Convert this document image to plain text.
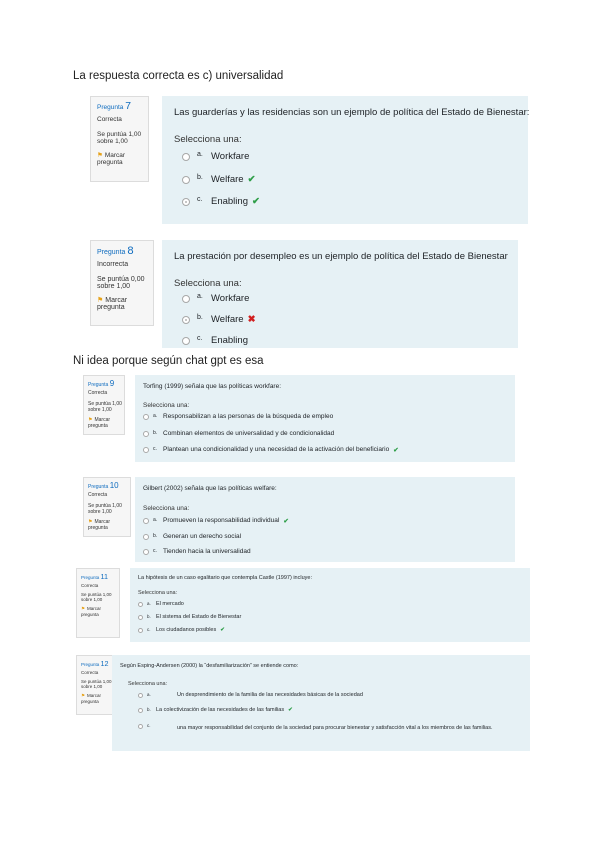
La respuesta correcta es c) universalidad
Pregunta 7
Correcta
Se puntúa 1,00 sobre 1,00
⚑ Marcar pregunta
Las guarderías y las residencias son un ejemplo de política del Estado de Bienestar:
Selecciona una:
a. Workfare
b. Welfare ✔
c. Enabling ✔
Pregunta 8
Incorrecta
Se puntúa 0,00 sobre 1,00
⚑ Marcar pregunta
La prestación por desempleo es un ejemplo de política del Estado de Bienestar
Selecciona una:
a. Workfare
b. Welfare ✖
c. Enabling
Ni idea porque según chat gpt es esa
Pregunta 9
Correcta
Se puntúa 1,00 sobre 1,00
⚑ Marcar pregunta
Torfing (1999) señala que las políticas workfare:
Selecciona una:
a. Responsabilizan a las personas de la búsqueda de empleo
b. Combinan elementos de universalidad y de condicionalidad
c. Plantean una condicionalidad y una necesidad de la activación del beneficiario ✔
Pregunta 10
Correcta
Se puntúa 1,00 sobre 1,00
⚑ Marcar pregunta
Gilbert (2002) señala que las políticas welfare:
Selecciona una:
a. Promueven la responsabilidad individual ✔
b. Generan un derecho social
c. Tienden hacia la universalidad
Pregunta 11
Correcta
Se puntúa 1,00 sobre 1,00
⚑ Marcar pregunta
La hipótesis de un caso egalitario que contempla Castle (1997) incluye:
Selecciona una:
a. El mercado
b. El sistema del Estado de Bienestar
c. Los ciudadanos posibles ✔
Pregunta 12
Correcta
Se puntúa 1,00 sobre 1,00
⚑ Marcar pregunta
Según Esping-Andersen (2000) la “desfamiliarización” se entiende como:
Selecciona una:
a.	Un desprendimiento de la familia de las necesidades básicas de la sociedad
b. La colectivización de las necesidades de las familias ✔
c.	una mayor responsabilidad del conjunto de la sociedad para procurar bienestar y satisfacción vital a los miembros de las familias.
